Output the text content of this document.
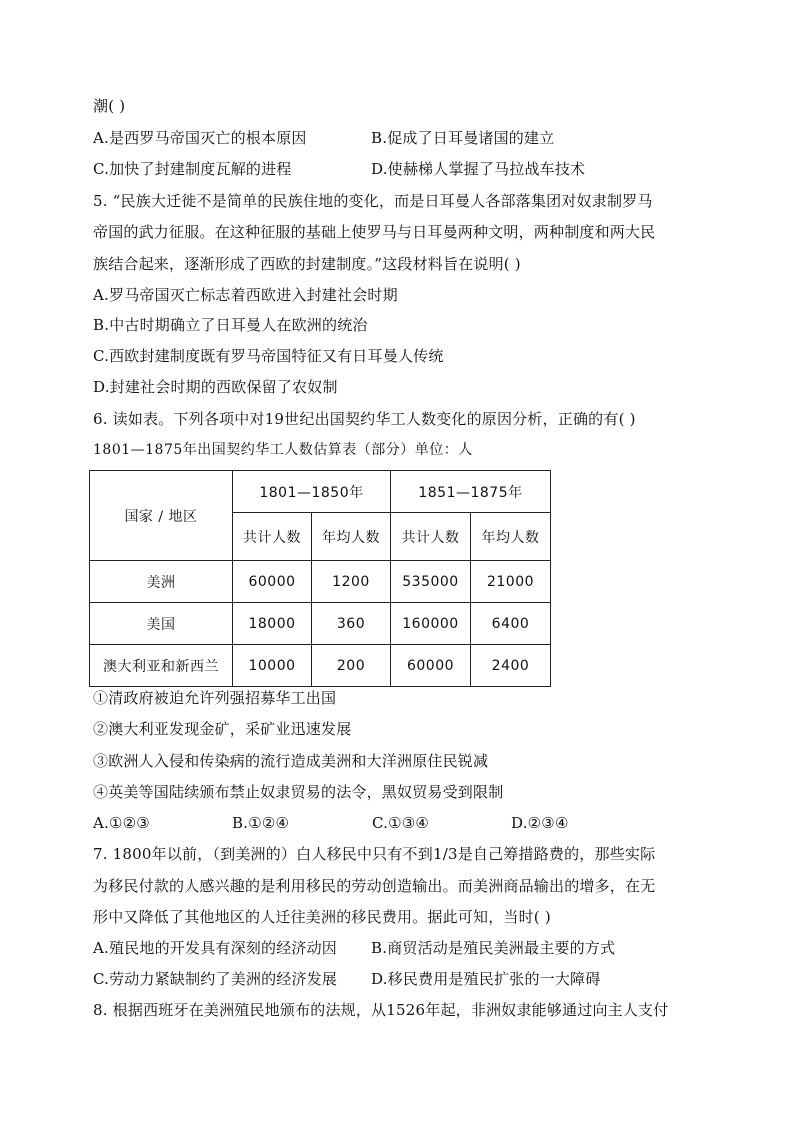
潮( )
A.是西罗马帝国灭亡的根本原因	B.促成了日耳曼诸国的建立
C.加快了封建制度瓦解的进程	D.使赫梯人掌握了马拉战车技术
5. “民族大迁徙不是简单的民族住地的变化，而是日耳曼人各部落集团对奴隶制罗马
帝国的武力征服。在这种征服的基础上使罗马与日耳曼两种文明，两种制度和两大民
族结合起来，逐渐形成了西欧的封建制度。”这段材料旨在说明( )
A.罗马帝国灭亡标志着西欧进入封建社会时期
B.中古时期确立了日耳曼人在欧洲的统治
C.西欧封建制度既有罗马帝国特征又有日耳曼人传统
D.封建社会时期的西欧保留了农奴制
6. 读如表。下列各项中对19世纪出国契约华工人数变化的原因分析，正确的有( )
1801—1875年出国契约华工人数估算表（部分）单位：人
国家 / 地区	1801—1850年		1851—1875年	
	共计人数	年均人数	共计人数	年均人数
美洲	60000	1200	535000	21000
美国	18000	360	160000	6400
澳大利亚和新西兰	10000	200	60000	2400
①清政府被迫允许列强招募华工出国
②澳大利亚发现金矿，采矿业迅速发展
③欧洲人入侵和传染病的流行造成美洲和大洋洲原住民锐减
④英美等国陆续颁布禁止奴隶贸易的法令，黑奴贸易受到限制
A.①②③	B.①②④	C.①③④	D.②③④
7. 1800年以前，（到美洲的）白人移民中只有不到1/3是自己筹措路费的，那些实际
为移民付款的人感兴趣的是利用移民的劳动创造输出。而美洲商品输出的增多，在无
形中又降低了其他地区的人迁往美洲的移民费用。据此可知，当时( )
A.殖民地的开发具有深刻的经济动因 B.商贸活动是殖民美洲最主要的方式
C.劳动力紧缺制约了美洲的经济发展 D.移民费用是殖民扩张的一大障碍
8. 根据西班牙在美洲殖民地颁布的法规，从1526年起，非洲奴隶能够通过向主人支付
